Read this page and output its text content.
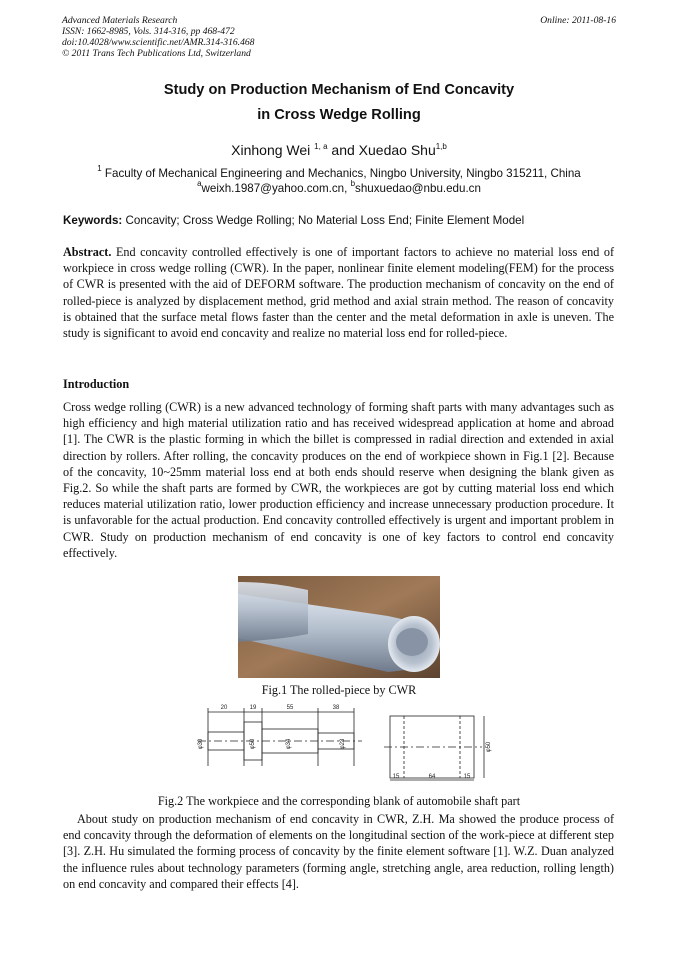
Advanced Materials Research
ISSN: 1662-8985, Vols. 314-316, pp 468-472
doi:10.4028/www.scientific.net/AMR.314-316.468
© 2011 Trans Tech Publications Ltd, Switzerland
Online: 2011-08-16
Study on Production Mechanism of End Concavity
in Cross Wedge Rolling
Xinhong Wei $^{1, a}$ and Xuedao Shu$^{1,b}$
$^1$ Faculty of Mechanical Engineering and Mechanics, Ningbo University, Ningbo 315211, China
$^a$weixh.1987@yahoo.com.cn, $^b$shuxuedao@nbu.edu.cn
Keywords: Concavity; Cross Wedge Rolling; No Material Loss End; Finite Element Model

Abstract. End concavity controlled effectively is one of important factors to achieve no material loss end of workpiece in cross wedge rolling (CWR). In the paper, nonlinear finite element modeling(FEM) for the process of CWR is presented with the aid of DEFORM software. The production mechanism of concavity on the end of rolled-piece is analyzed by displacement method, grid method and axial strain method. The reason of concavity is obtained that the surface metal flows faster than the center and the metal deformation in axle is uneven. The study is significant to avoid end concavity and realize no material loss end for rolled-piece.

Introduction

Cross wedge rolling (CWR) is a new advanced technology of forming shaft parts with many advantages such as high efficiency and high material utilization ratio and has received widespread application at home and abroad [1]. The CWR is the plastic forming in which the billet is compressed in radial direction and extended in axial direction by rollers. After rolling, the concavity produces on the end of workpiece shown in Fig.1 [2]. Because of the concavity, 10~25mm material loss end at both ends should reserve when designing the blank given as Fig.2. So while the shaft parts are formed by CWR, the workpieces are got by cutting material loss end which reduces material utilization ratio, lower production efficiency and increase unnecessary production procedure. It is unfavorable for the actual production. End concavity controlled effectively is urgent and important problem in CWR. Study on production mechanism of end concavity is one of key factors to control end concavity effectively.

Fig.1 The rolled-piece by CWR
20	19	55	38
φ30	φ50	φ34	φ23
15	64	15
φ50
Fig.2 The workpiece and the corresponding blank of automobile shaft part

About study on production mechanism of end concavity in CWR, Z.H. Ma showed the produce process of end concavity through the deformation of elements on the longitudinal section of the work-piece at different step [3]. Z.H. Hu simulated the forming process of concavity by the finite element software [1]. W.Z. Duan analyzed the influence rules about technology parameters (forming angle, stretching angle, area reduction, rolling length) on end concavity and compared their effects [4].
